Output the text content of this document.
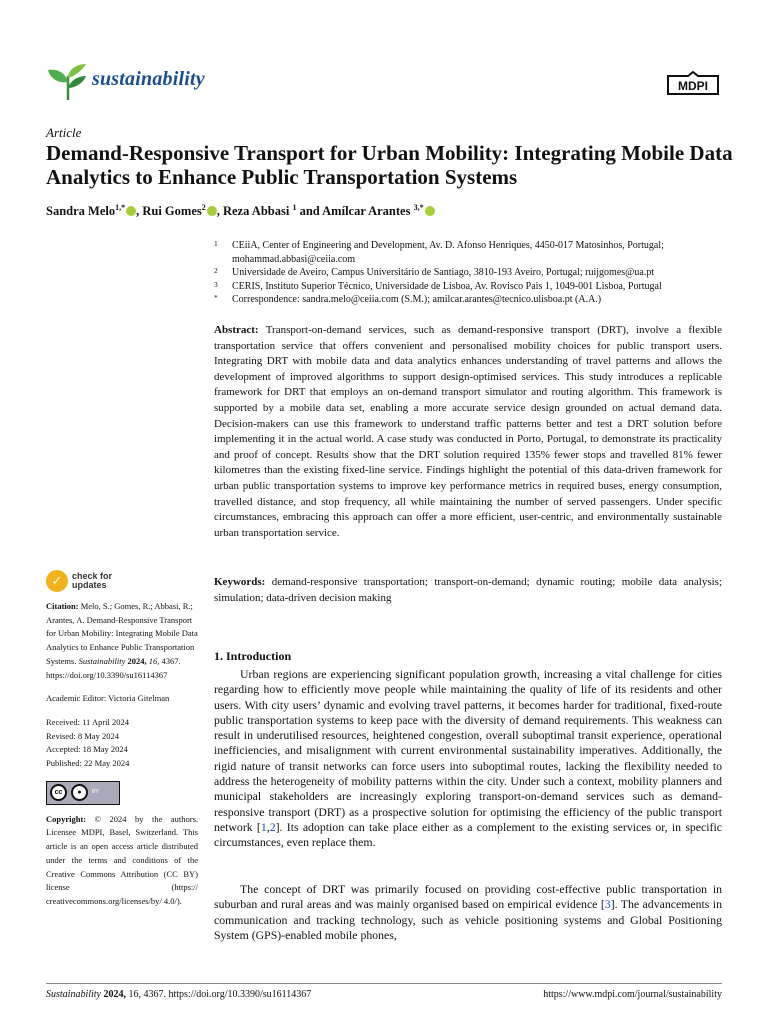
sustainability	MDPI
Article
Demand-Responsive Transport for Urban Mobility: Integrating Mobile Data Analytics to Enhance Public Transportation Systems
Sandra Melo$^{1,*}$ , Rui Gomes$^2$ , Reza Abbasi $^1$ and Amílcar Arantes $^{3,*}$
1 CEiiA, Center of Engineering and Development, Av. D. Afonso Henriques, 4450-017 Matosinhos, Portugal; mohammad.abbasi@ceiia.com
2 Universidade de Aveiro, Campus Universitário de Santiago, 3810-193 Aveiro, Portugal; ruijgomes@ua.pt
3 CERIS, Instituto Superior Técnico, Universidade de Lisboa, Av. Rovisco Pais 1, 1049-001 Lisboa, Portugal
* Correspondence: sandra.melo@ceiia.com (S.M.); amilcar.arantes@tecnico.ulisboa.pt (A.A.)
Abstract: Transport-on-demand services, such as demand-responsive transport (DRT), involve a flexible transportation service that offers convenient and personalised mobility choices for public transport users. Integrating DRT with mobile data and data analytics enhances understanding of travel patterns and allows the development of improved algorithms to support design-optimised services. This study introduces a replicable framework for DRT that employs an on-demand transport simulator and routing algorithm. This framework is supported by a mobile data set, enabling a more accurate service design grounded on actual demand data. Decision-makers can use this framework to understand traffic patterns better and test a DRT solution before implementing it in the actual world. A case study was conducted in Porto, Portugal, to demonstrate its practicality and proof of concept. Results show that the DRT solution required 135% fewer stops and travelled 81% fewer kilometres than the existing fixed-line service. Findings highlight the potential of this data-driven framework for urban public transportation systems to improve key performance metrics in required buses, energy consumption, travelled distance, and stop frequency, all while maintaining the number of served passengers. Under specific circumstances, embracing this approach can offer a more efficient, user-centric, and environmentally sustainable urban transportation service.
Keywords: demand-responsive transportation; transport-on-demand; dynamic routing; mobile data analysis; simulation; data-driven decision making
✓	check for
updates
Citation: Melo, S.; Gomes, R.; Abbasi, R.; Arantes, A. Demand-Responsive Transport for Urban Mobility: Integrating Mobile Data Analytics to Enhance Public Transportation Systems. Sustainability 2024, 16, 4367. https://doi.org/10.3390/su16114367
Academic Editor: Victoria Gitelman
Received: 11 April 2024
Revised: 8 May 2024
Accepted: 18 May 2024
Published: 22 May 2024
cc	●	BY
Copyright: © 2024 by the authors. Licensee MDPI, Basel, Switzerland. This article is an open access article distributed under the terms and conditions of the Creative Commons Attribution (CC BY) license (https:// creativecommons.org/licenses/by/ 4.0/).
1. Introduction
Urban regions are experiencing significant population growth, increasing a vital challenge for cities regarding how to efficiently move people while maintaining the quality of life of its residents and other users. With city users’ dynamic and evolving travel patterns, it becomes harder for traditional, fixed-route public transportation systems to keep pace with the diversity of demand requirements. This weakness can result in underutilised resources, heightened congestion, overall suboptimal transit experience, operational inefficiencies, and misalignment with current environmental sustainability imperatives. Additionally, the rigid nature of transit networks can force users into suboptimal routes, lacking the flexibility needed to address the heterogeneity of mobility patterns within the city. Under such a context, mobility planners and municipal stakeholders are increasingly exploring transport-on-demand services such as demand-responsive transport (DRT) as a prospective solution for optimising the efficiency of the public transport network [1,2]. Its adoption can take place either as a complement to the existing services or, in specific circumstances, even replace them.
The concept of DRT was primarily focused on providing cost-effective public transportation in suburban and rural areas and was mainly organised based on empirical evidence [3]. The advancements in communication and tracking technology, such as vehicle positioning systems and Global Positioning System (GPS)-enabled mobile phones,
Sustainability 2024, 16, 4367. https://doi.org/10.3390/su16114367	https://www.mdpi.com/journal/sustainability
